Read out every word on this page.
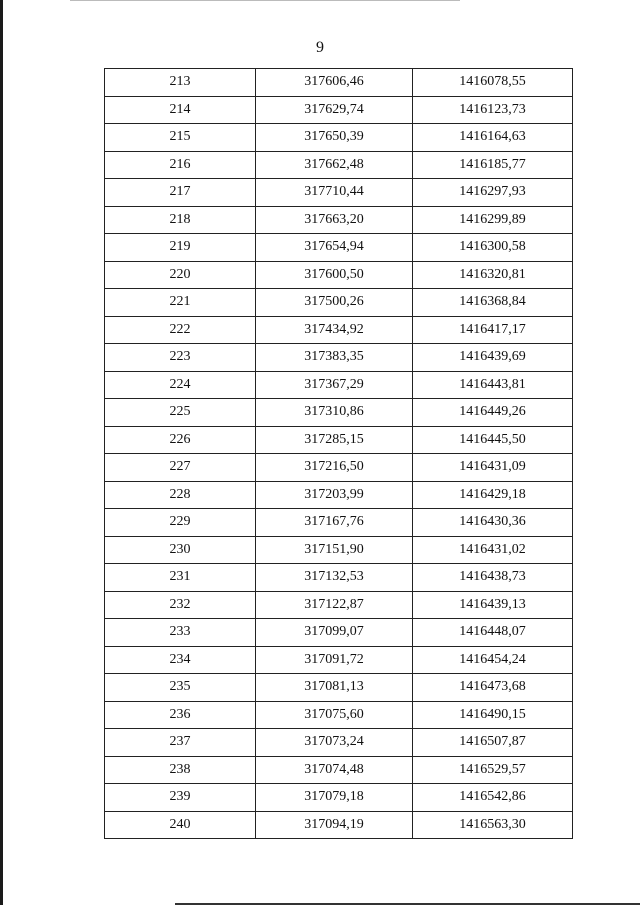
9
213	317606,46	1416078,55
214	317629,74	1416123,73
215	317650,39	1416164,63
216	317662,48	1416185,77
217	317710,44	1416297,93
218	317663,20	1416299,89
219	317654,94	1416300,58
220	317600,50	1416320,81
221	317500,26	1416368,84
222	317434,92	1416417,17
223	317383,35	1416439,69
224	317367,29	1416443,81
225	317310,86	1416449,26
226	317285,15	1416445,50
227	317216,50	1416431,09
228	317203,99	1416429,18
229	317167,76	1416430,36
230	317151,90	1416431,02
231	317132,53	1416438,73
232	317122,87	1416439,13
233	317099,07	1416448,07
234	317091,72	1416454,24
235	317081,13	1416473,68
236	317075,60	1416490,15
237	317073,24	1416507,87
238	317074,48	1416529,57
239	317079,18	1416542,86
240	317094,19	1416563,30
